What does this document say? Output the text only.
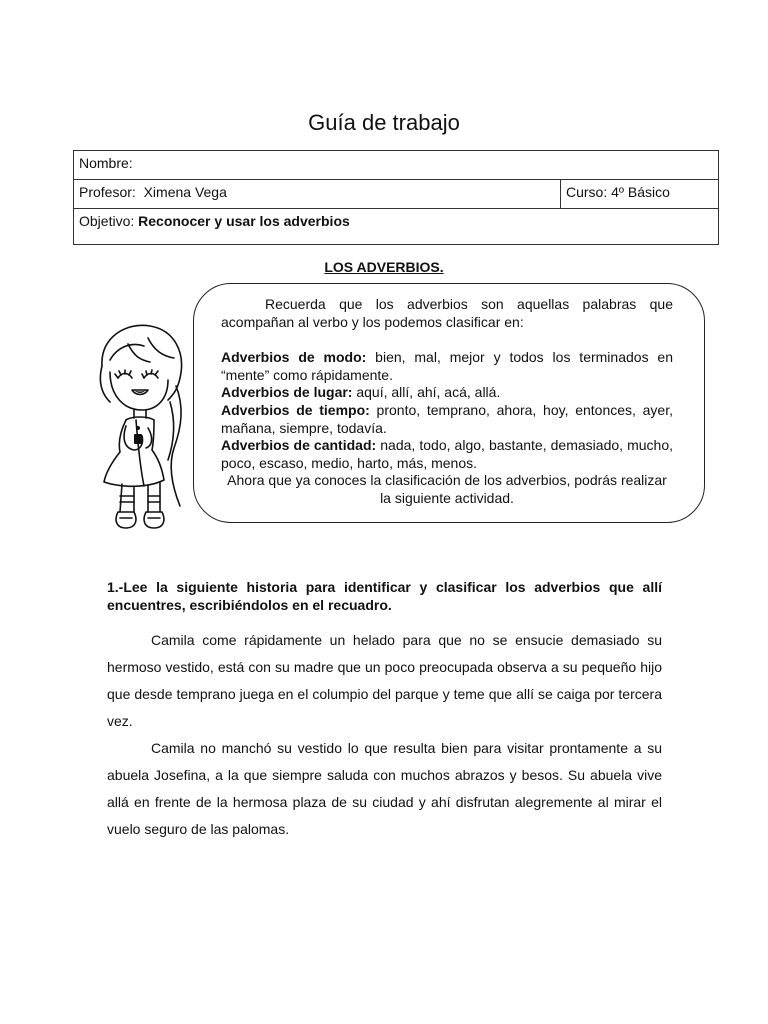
Guía de trabajo
Nombre:
Profesor: Ximena Vega	Curso: 4º Básico
Objetivo: Reconocer y usar los adverbios
LOS ADVERBIOS.

Recuerda que los adverbios son aquellas palabras que acompañan al verbo y los podemos clasificar en:

Adverbios de modo: bien, mal, mejor y todos los terminados en “mente” como rápidamente.

Adverbios de lugar: aquí, allí, ahí, acá, allá.

Adverbios de tiempo: pronto, temprano, ahora, hoy, entonces, ayer, mañana, siempre, todavía.

Adverbios de cantidad: nada, todo, algo, bastante, demasiado, mucho, poco, escaso, medio, harto, más, menos.

Ahora que ya conoces la clasificación de los adverbios, podrás realizar la siguiente actividad.

1.-Lee la siguiente historia para identificar y clasificar los adverbios que allí encuentres, escribiéndolos en el recuadro.

Camila come rápidamente un helado para que no se ensucie demasiado su hermoso vestido, está con su madre que un poco preocupada observa a su pequeño hijo que desde temprano juega en el columpio del parque y teme que allí se caiga por tercera vez.

Camila no manchó su vestido lo que resulta bien para visitar prontamente a su abuela Josefina, a la que siempre saluda con muchos abrazos y besos. Su abuela vive allá en frente de la hermosa plaza de su ciudad y ahí disfrutan alegremente al mirar el vuelo seguro de las palomas.
